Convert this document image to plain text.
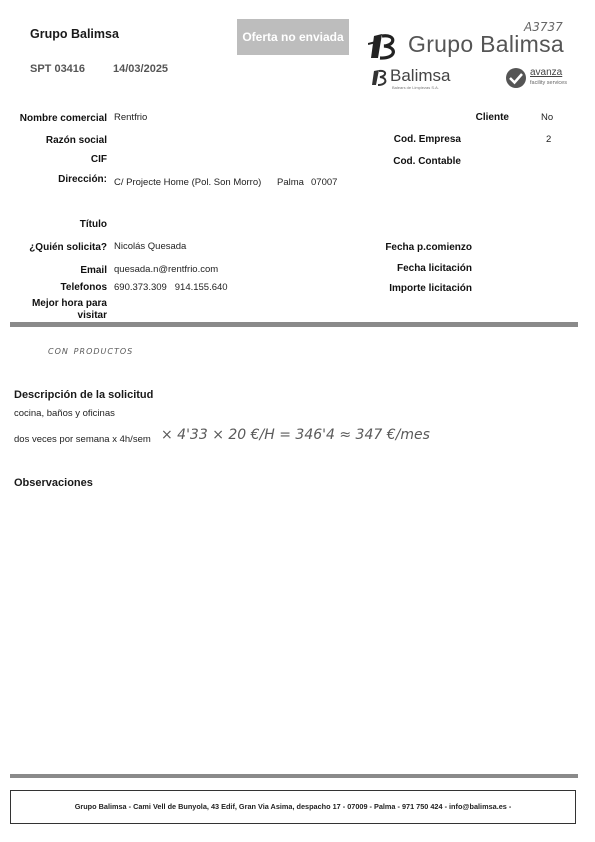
Grupo Balimsa
SPT 03416	14/03/2025
Oferta no enviada	Grupo Balimsa
A3737
Balimsa
Balears de Limpiezas S.A.
avanza
facility services
Nombre comercial Rentfrio
Razón social
CIF
Dirección: C/ Projecte Home (Pol. Son Morro) Palma 07007
Título
¿Quién solicita? Nicolás Quesada
Email quesada.n@rentfrio.com
Telefonos 690.373.309   914.155.640
Mejor hora para
visitar
Cliente	No
Cod. Empresa	2
Cod. Contable
Fecha p.comienzo
Fecha licitación
Importe licitación
con productos
Descripción de la solicitud
cocina, baños y oficinas
dos veces por semana x 4h/sem × 4'33 × 20 €/H = 346'4 ≈ 347 €/mes
Observaciones
Grupo Balimsa - Cami Vell de Bunyola, 43 Edif, Gran Via Asima, despacho 17 - 07009 - Palma - 971 750 424 - info@balimsa.es -
